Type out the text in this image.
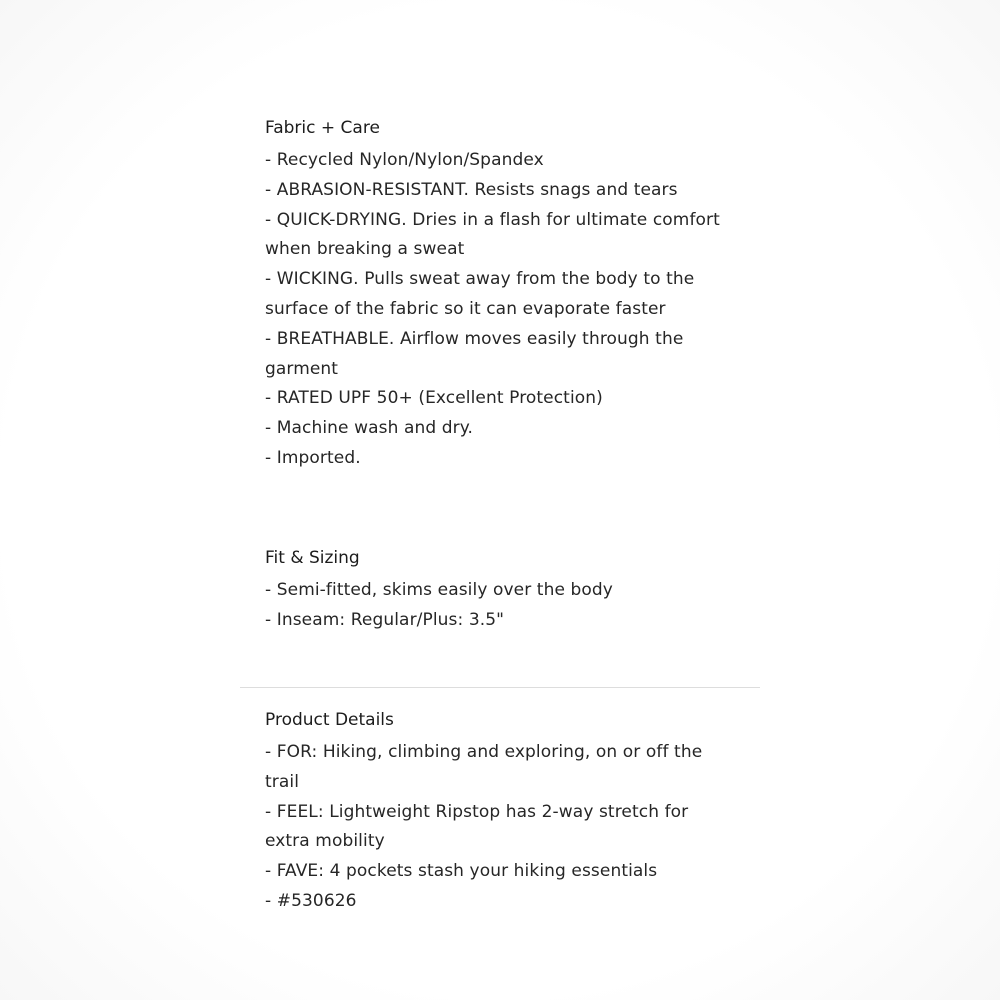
Fabric + Care
- Recycled Nylon/Nylon/Spandex
- ABRASION-RESISTANT. Resists snags and tears
- QUICK-DRYING. Dries in a flash for ultimate comfort
when breaking a sweat
- WICKING. Pulls sweat away from the body to the
surface of the fabric so it can evaporate faster
- BREATHABLE. Airflow moves easily through the
garment
- RATED UPF 50+ (Excellent Protection)
- Machine wash and dry.
- Imported.
Fit & Sizing
- Semi-fitted, skims easily over the body
- Inseam: Regular/Plus: 3.5"
Product Details
- FOR: Hiking, climbing and exploring, on or off the
trail
- FEEL: Lightweight Ripstop has 2-way stretch for
extra mobility
- FAVE: 4 pockets stash your hiking essentials
- #530626
